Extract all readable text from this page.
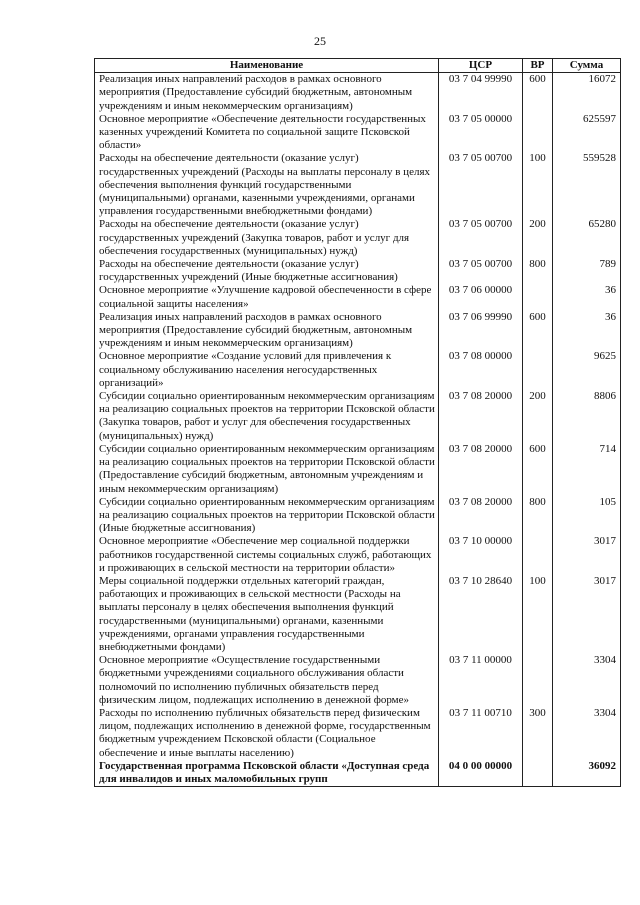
25
Наименование	ЦСР	ВР	Сумма
Реализация иных направлений расходов в рамках основного мероприятия (Предоставление субсидий бюджетным, автономным учреждениям и иным некоммерческим организациям)	03 7 04 99990	600	16072
Основное мероприятие «Обеспечение деятельности государственных казенных учреждений Комитета по социальной защите Псковской области»	03 7 05 00000		625597
Расходы на обеспечение деятельности (оказание услуг) государственных учреждений (Расходы на выплаты персоналу в целях обеспечения выполнения функций государственными (муниципальными) органами, казенными учреждениями, органами управления государственными внебюджетными фондами)	03 7 05 00700	100	559528
Расходы на обеспечение деятельности (оказание услуг) государственных учреждений (Закупка товаров, работ и услуг для обеспечения государственных (муниципальных) нужд)	03 7 05 00700	200	65280
Расходы на обеспечение деятельности (оказание услуг) государственных учреждений (Иные бюджетные ассигнования)	03 7 05 00700	800	789
Основное мероприятие «Улучшение кадровой обеспеченности в сфере социальной защиты населения»	03 7 06 00000		36
Реализация иных направлений расходов в рамках основного мероприятия (Предоставление субсидий бюджетным, автономным учреждениям и иным некоммерческим организациям)	03 7 06 99990	600	36
Основное мероприятие «Создание условий для привлечения к социальному обслуживанию населения негосударственных организаций»	03 7 08 00000		9625
Субсидии социально ориентированным некоммерческим организациям на реализацию социальных проектов на территории Псковской области (Закупка товаров, работ и услуг для обеспечения государственных (муниципальных) нужд)	03 7 08 20000	200	8806
Субсидии социально ориентированным некоммерческим организациям на реализацию социальных проектов на территории Псковской области (Предоставление субсидий бюджетным, автономным учреждениям и иным некоммерческим организациям)	03 7 08 20000	600	714
Субсидии социально ориентированным некоммерческим организациям на реализацию социальных проектов на территории Псковской области (Иные бюджетные ассигнования)	03 7 08 20000	800	105
Основное мероприятие «Обеспечение мер социальной поддержки работников государственной системы социальных служб, работающих и проживающих в сельской местности на территории области»	03 7 10 00000		3017
Меры социальной поддержки отдельных категорий граждан, работающих и проживающих в сельской местности (Расходы на выплаты персоналу в целях обеспечения выполнения функций государственными (муниципальными) органами, казенными учреждениями, органами управления государственными внебюджетными фондами)	03 7 10 28640	100	3017
Основное мероприятие «Осуществление государственными бюджетными учреждениями социального обслуживания области полномочий по исполнению публичных обязательств перед физическим лицом, подлежащих исполнению в денежной форме»	03 7 11 00000		3304
Расходы по исполнению публичных обязательств перед физическим лицом, подлежащих исполнению в денежной форме, государственным бюджетным учреждением Псковской области (Социальное обеспечение и иные выплаты населению)	03 7 11 00710	300	3304
Государственная программа Псковской области «Доступная среда для инвалидов и иных маломобильных групп	04 0 00 00000		36092
